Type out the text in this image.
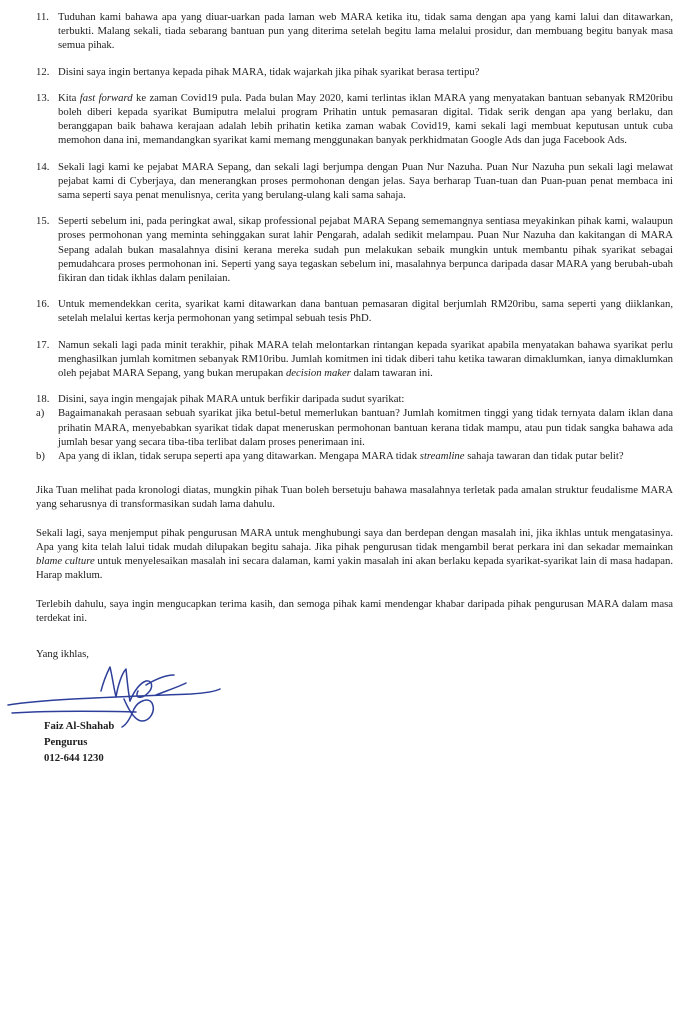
11. Tuduhan kami bahawa apa yang diuar-uarkan pada laman web MARA ketika itu, tidak sama dengan apa yang kami lalui dan ditawarkan, terbukti. Malang sekali, tiada sebarang bantuan pun yang diterima setelah begitu lama melalui prosidur, dan membuang begitu banyak masa semua pihak.
12. Disini saya ingin bertanya kepada pihak MARA, tidak wajarkah jika pihak syarikat berasa tertipu?
13. Kita fast forward ke zaman Covid19 pula. Pada bulan May 2020, kami terlintas iklan MARA yang menyatakan bantuan sebanyak RM20ribu boleh diberi kepada syarikat Bumiputra melalui program Prihatin untuk pemasaran digital. Tidak serik dengan apa yang berlaku, dan beranggapan baik bahawa kerajaan adalah lebih prihatin ketika zaman wabak Covid19, kami sekali lagi membuat keputusan untuk cuba memohon dana ini, memandangkan syarikat kami memang menggunakan banyak perkhidmatan Google Ads dan juga Facebook Ads.
14. Sekali lagi kami ke pejabat MARA Sepang, dan sekali lagi berjumpa dengan Puan Nur Nazuha. Puan Nur Nazuha pun sekali lagi melawat pejabat kami di Cyberjaya, dan menerangkan proses permohonan dengan jelas. Saya berharap Tuan-tuan dan Puan-puan penat membaca ini sama seperti saya penat menulisnya, cerita yang berulang-ulang kali sama sahaja.
15. Seperti sebelum ini, pada peringkat awal, sikap professional pejabat MARA Sepang sememangnya sentiasa meyakinkan pihak kami, walaupun proses permohonan yang meminta sehinggakan surat lahir Pengarah, adalah sedikit melampau. Puan Nur Nazuha dan kakitangan di MARA Sepang adalah bukan masalahnya disini kerana mereka sudah pun melakukan sebaik mungkin untuk membantu pihak syarikat sebagai pemudahcara proses permohonan ini. Seperti yang saya tegaskan sebelum ini, masalahnya berpunca daripada dasar MARA yang berubah-ubah fikiran dan tidak ikhlas dalam penilaian.
16. Untuk memendekkan cerita, syarikat kami ditawarkan dana bantuan pemasaran digital berjumlah RM20ribu, sama seperti yang diiklankan, setelah melalui kertas kerja permohonan yang setimpal sebuah tesis PhD.
17. Namun sekali lagi pada minit terakhir, pihak MARA telah melontarkan rintangan kepada syarikat apabila menyatakan bahawa syarikat perlu menghasilkan jumlah komitmen sebanyak RM10ribu. Jumlah komitmen ini tidak diberi tahu ketika tawaran dimaklumkan, ianya dimaklumkan oleh pejabat MARA Sepang, yang bukan merupakan decision maker dalam tawaran ini.
18. Disini, saya ingin mengajak pihak MARA untuk berfikir daripada sudut syarikat:
a)	Bagaimanakah perasaan sebuah syarikat jika betul-betul memerlukan bantuan? Jumlah komitmen tinggi yang tidak ternyata dalam iklan dana prihatin MARA, menyebabkan syarikat tidak dapat meneruskan permohonan bantuan kerana tidak mampu, atau pun tidak sangka bahawa ada jumlah besar yang secara tiba-tiba terlibat dalam proses penerimaan ini.
b)	Apa yang di iklan, tidak serupa seperti apa yang ditawarkan. Mengapa MARA tidak streamline sahaja tawaran dan tidak putar belit?
Jika Tuan melihat pada kronologi diatas, mungkin pihak Tuan boleh bersetuju bahawa masalahnya terletak pada amalan struktur feudalisme MARA yang seharusnya di transformasikan sudah lama dahulu.
Sekali lagi, saya menjemput pihak pengurusan MARA untuk menghubungi saya dan berdepan dengan masalah ini, jika ikhlas untuk mengatasinya. Apa yang kita telah lalui tidak mudah dilupakan begitu sahaja. Jika pihak pengurusan tidak mengambil berat perkara ini dan sekadar memainkan blame culture untuk menyelesaikan masalah ini secara dalaman, kami yakin masalah ini akan berlaku kepada syarikat-syarikat lain di masa hadapan. Harap maklum.
Terlebih dahulu, saya ingin mengucapkan terima kasih, dan semoga pihak kami mendengar khabar daripada pihak pengurusan MARA dalam masa terdekat ini.
Yang ikhlas,
Faiz Al-Shahab
Pengurus
012-644 1230
